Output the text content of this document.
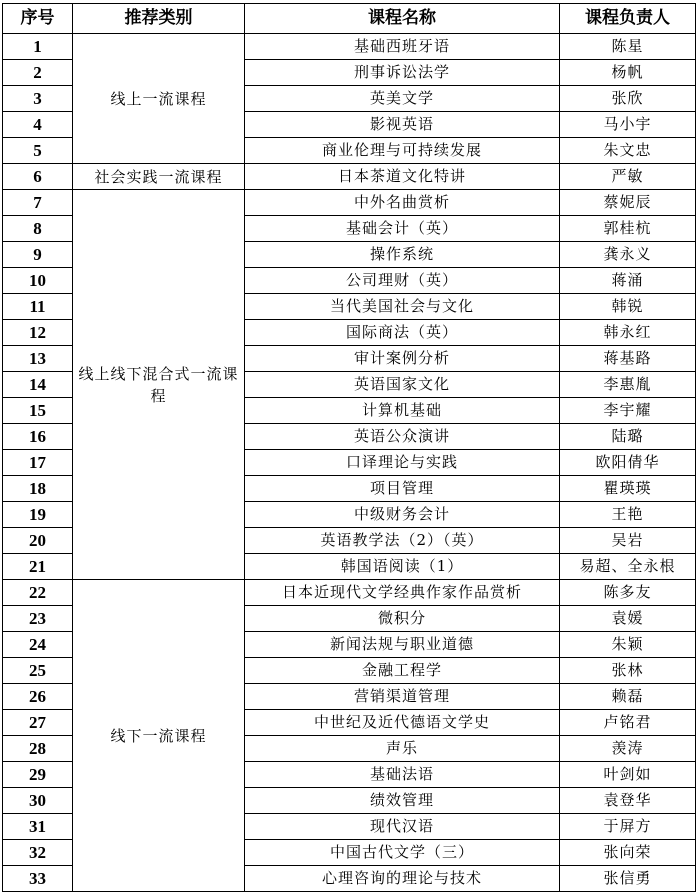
序号	推荐类别	课程名称	课程负责人
1	线上一流课程	基础西班牙语	陈星
2		刑事诉讼法学	杨帆
3		英美文学	张欣
4		影视英语	马小宇
5		商业伦理与可持续发展	朱文忠
6	社会实践一流课程	日本茶道文化特讲	严敏
7	线上线下混合式一流课程	中外名曲赏析	蔡妮辰
8		基础会计（英）	郭桂杭
9		操作系统	龚永义
10		公司理财（英）	蒋涌
11		当代美国社会与文化	韩锐
12		国际商法（英）	韩永红
13		审计案例分析	蒋基路
14		英语国家文化	李惠胤
15		计算机基础	李宇耀
16		英语公众演讲	陆璐
17		口译理论与实践	欧阳倩华
18		项目管理	瞿瑛瑛
19		中级财务会计	王艳
20		英语教学法（2）（英）	吴岩
21		韩国语阅读（1）	易超、全永根
22	线下一流课程	日本近现代文学经典作家作品赏析	陈多友
23		微积分	袁媛
24		新闻法规与职业道德	朱颖
25		金融工程学	张林
26		营销渠道管理	赖磊
27		中世纪及近代德语文学史	卢铭君
28		声乐	羡涛
29		基础法语	叶剑如
30		绩效管理	袁登华
31		现代汉语	于屏方
32		中国古代文学（三）	张向荣
33		心理咨询的理论与技术	张信勇
